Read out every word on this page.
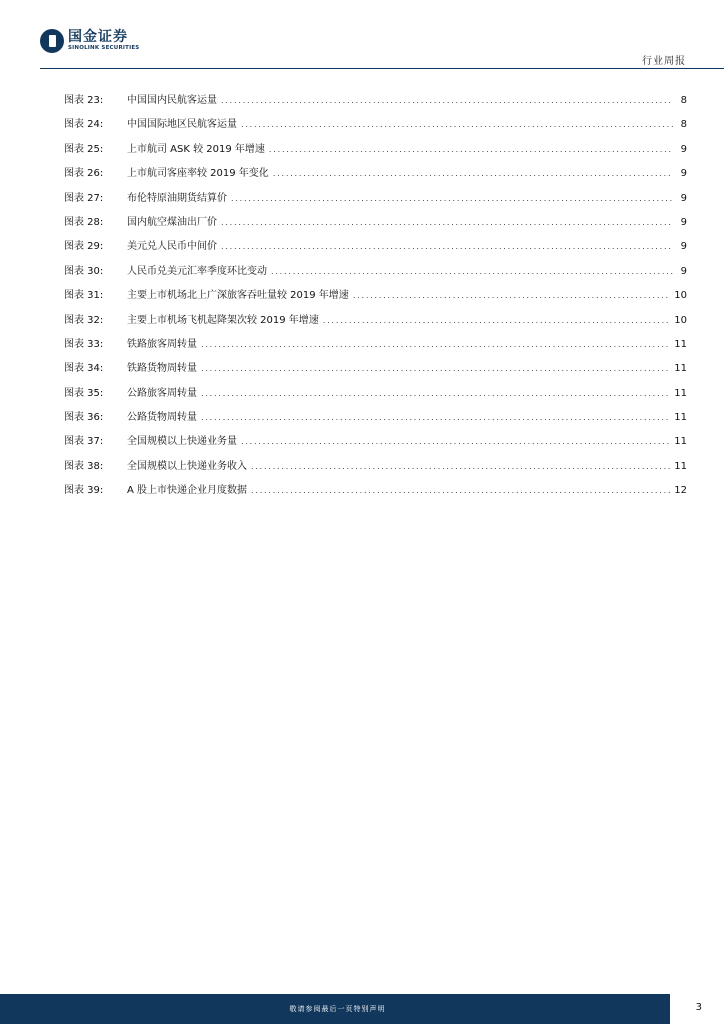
国金证券
SINOLINK SECURITIES
行业周报
图表 23:	中国国内民航客运量 .....	8
图表 24:	中国国际地区民航客运量 .....	8
图表 25:	上市航司 ASK 较 2019 年增速 .....	9
图表 26:	上市航司客座率较 2019 年变化 .....	9
图表 27:	布伦特原油期货结算价 .....	9
图表 28:	国内航空煤油出厂价 .....	9
图表 29:	美元兑人民币中间价 .....	9
图表 30:	人民币兑美元汇率季度环比变动 .....	9
图表 31:	主要上市机场北上广深旅客吞吐量较 2019 年增速 .....	10
图表 32:	主要上市机场飞机起降架次较 2019 年增速 .....	10
图表 33:	铁路旅客周转量 .....	11
图表 34:	铁路货物周转量 .....	11
图表 35:	公路旅客周转量 .....	11
图表 36:	公路货物周转量 .....	11
图表 37:	全国规模以上快递业务量 .....	11
图表 38:	全国规模以上快递业务收入 .....	11
图表 39:	A 股上市快递企业月度数据 .....	12
敬请参阅最后一页特别声明	3
